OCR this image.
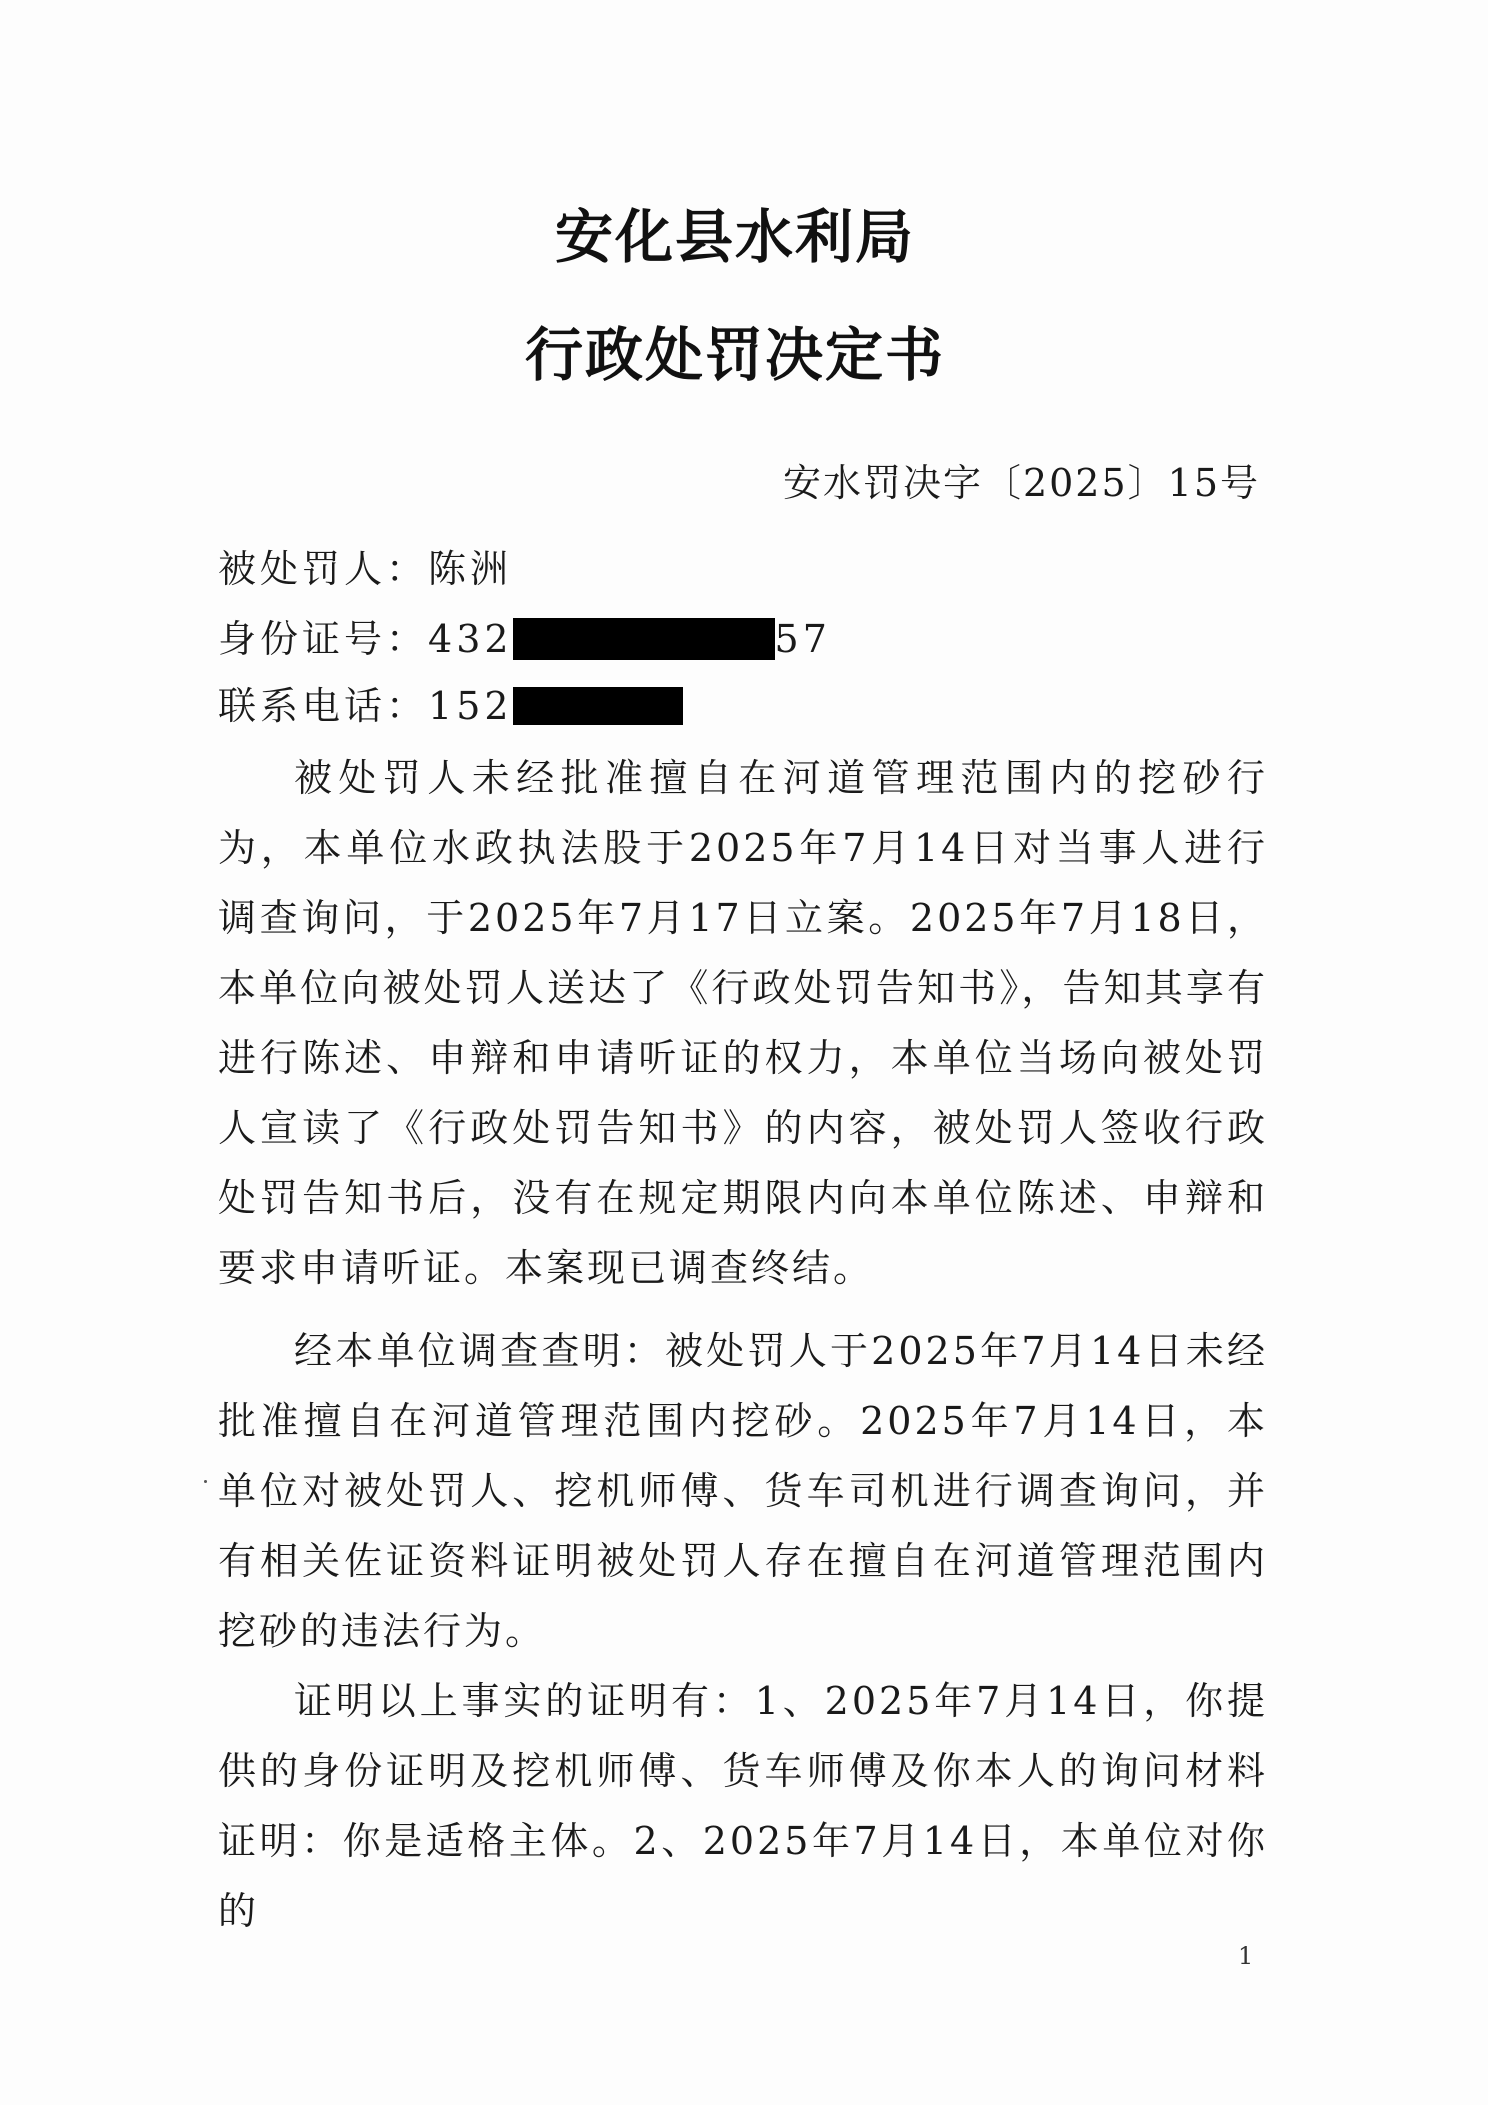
安化县水利局
行政处罚决定书
安水罚决字〔2025〕15号
被处罚人：陈洲
身份证号：432	57
联系电话：152

被处罚人未经批准擅自在河道管理范围内的挖砂行为，本单位水政执法股于2025年7月14日对当事人进行调查询问，于2025年7月17日立案。2025年7月18日，本单位向被处罚人送达了《行政处罚告知书》，告知其享有进行陈述、申辩和申请听证的权力，本单位当场向被处罚人宣读了《行政处罚告知书》的内容，被处罚人签收行政处罚告知书后，没有在规定期限内向本单位陈述、申辩和要求申请听证。本案现已调查终结。

经本单位调查查明：被处罚人于2025年7月14日未经批准擅自在河道管理范围内挖砂。2025年7月14日，本单位对被处罚人、挖机师傅、货车司机进行调查询问，并有相关佐证资料证明被处罚人存在擅自在河道管理范围内挖砂的违法行为。

证明以上事实的证明有：1、2025年7月14日，你提供的身份证明及挖机师傅、货车师傅及你本人的询问材料证明：你是适格主体。2、2025年7月14日，本单位对你的

1
